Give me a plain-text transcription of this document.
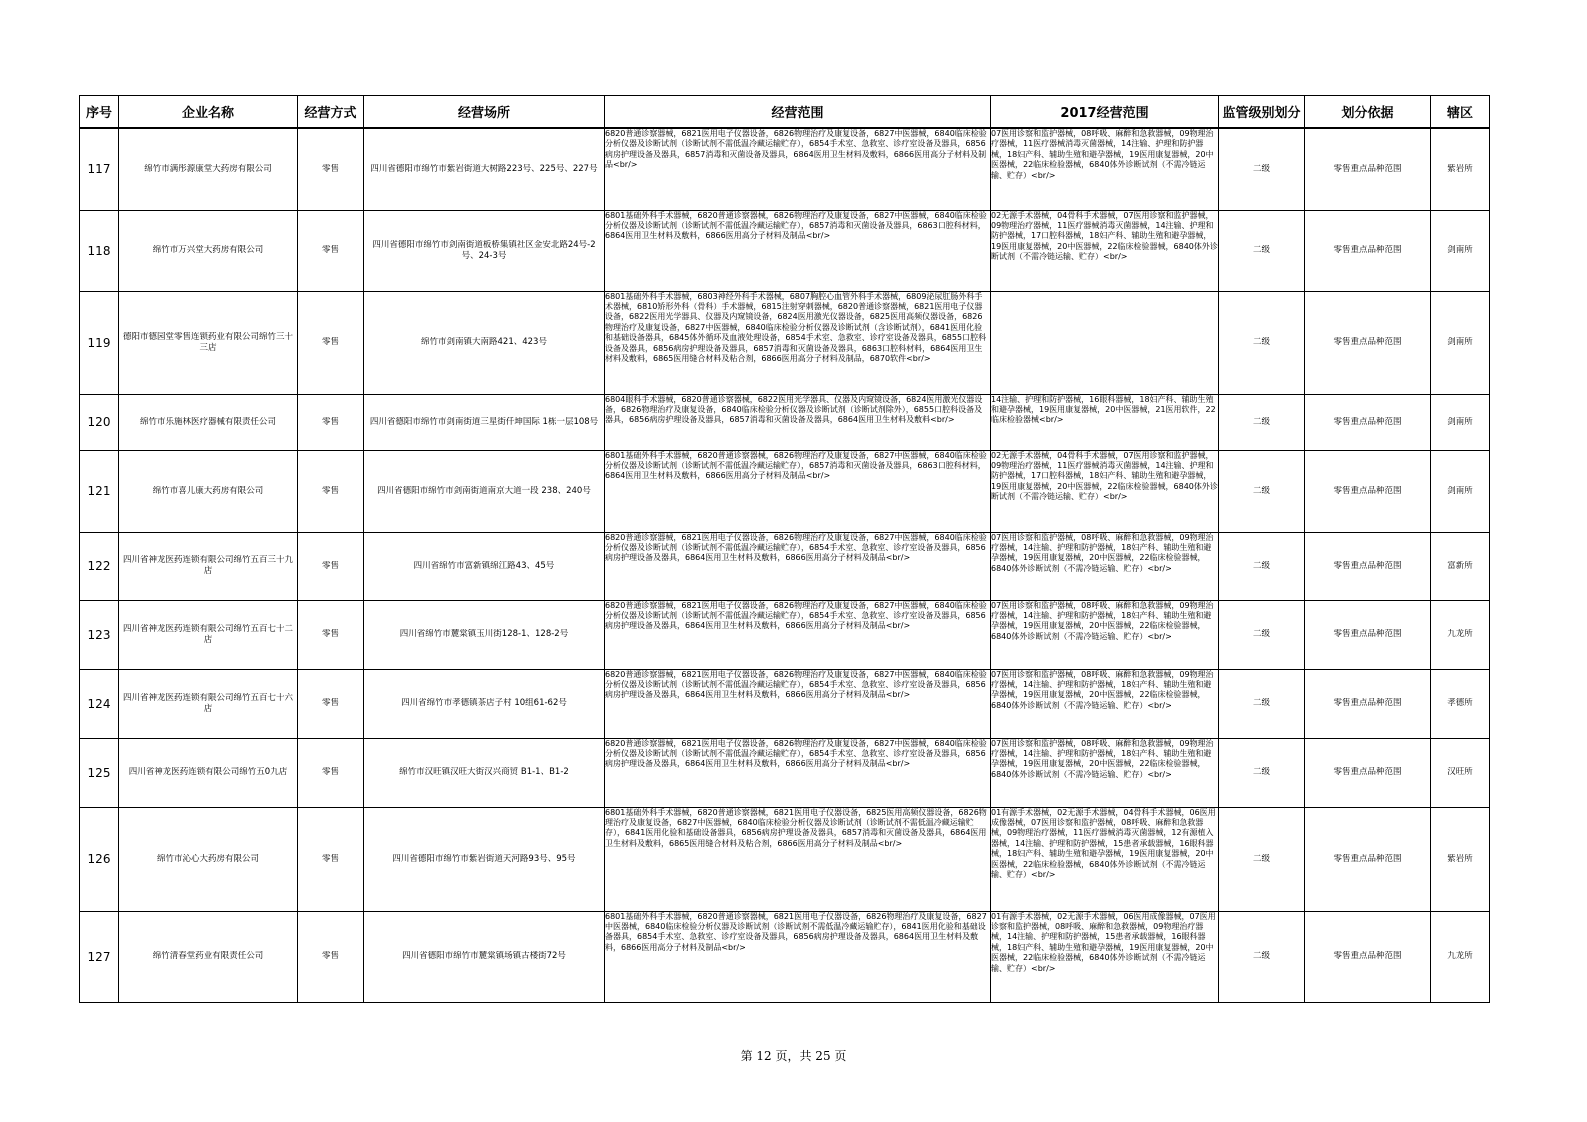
序号	企业名称	经营方式	经营场所	经营范围	2017经营范围	监管级别划分	划分依据	辖区

117	绵竹市满彤源康堂大药房有限公司	零售	四川省德阳市绵竹市紫岩街道大树路223号、225号、227号	6820普通诊察器械，6821医用电子仪器设备，6826物理治疗及康复设备，6827中医器械，6840临床检验分析仪器及诊断试剂（诊断试剂不需低温冷藏运输贮存），6854手术室、急救室、诊疗室设备及器具，6856病房护理设备及器具，6857消毒和灭菌设备及器具，6864医用卫生材料及敷料，6866医用高分子材料及制品<br/>	07医用诊察和监护器械，08呼吸、麻醉和急救器械，09物理治疗器械，11医疗器械消毒灭菌器械，14注输、护理和防护器械，18妇产科、辅助生殖和避孕器械，19医用康复器械，20中医器械，22临床检验器械，6840体外诊断试剂（不需冷链运输、贮存）<br/>	二级	零售重点品种范围	紫岩所

118	绵竹市万兴堂大药房有限公司	零售	四川省德阳市绵竹市剑南街道板桥集镇社区金安北路24号-2号、24-3号	6801基础外科手术器械，6820普通诊察器械，6826物理治疗及康复设备，6827中医器械，6840临床检验分析仪器及诊断试剂（诊断试剂不需低温冷藏运输贮存），6857消毒和灭菌设备及器具，6863口腔科材料，6864医用卫生材料及敷料，6866医用高分子材料及制品<br/>	02无源手术器械，04骨科手术器械，07医用诊察和监护器械，09物理治疗器械，11医疗器械消毒灭菌器械，14注输、护理和防护器械，17口腔科器械，18妇产科、辅助生殖和避孕器械，19医用康复器械，20中医器械，22临床检验器械，6840体外诊断试剂（不需冷链运输、贮存）<br/>	二级	零售重点品种范围	剑南所

119	德阳市德园堂零售连锁药业有限公司绵竹三十三店	零售	绵竹市剑南镇大南路421、423号	6801基础外科手术器械，6803神经外科手术器械，6807胸腔心血管外科手术器械，6809泌尿肛肠外科手术器械，6810矫形外科（骨科）手术器械，6815注射穿刺器械，6820普通诊察器械，6821医用电子仪器设备，6822医用光学器具、仪器及内窥镜设备，6824医用激光仪器设备，6825医用高频仪器设备，6826物理治疗及康复设备，6827中医器械，6840临床检验分析仪器及诊断试剂（含诊断试剂），6841医用化验和基础设备器具，6845体外循环及血液处理设备，6854手术室、急救室、诊疗室设备及器具，6855口腔科设备及器具，6856病房护理设备及器具，6857消毒和灭菌设备及器具，6863口腔科材料，6864医用卫生材料及敷料，6865医用缝合材料及粘合剂，6866医用高分子材料及制品，6870软件<br/>		二级	零售重点品种范围	剑南所

120	绵竹市乐施林医疗器械有限责任公司	零售	四川省德阳市绵竹市剑南街道三星街仟坤国际 1栋一层108号	6804眼科手术器械，6820普通诊察器械，6822医用光学器具、仪器及内窥镜设备，6824医用激光仪器设备，6826物理治疗及康复设备，6840临床检验分析仪器及诊断试剂（诊断试剂除外），6855口腔科设备及器具，6856病房护理设备及器具，6857消毒和灭菌设备及器具，6864医用卫生材料及敷料<br/>	14注输、护理和防护器械，16眼科器械，18妇产科、辅助生殖和避孕器械，19医用康复器械，20中医器械，21医用软件，22临床检验器械<br/>	二级	零售重点品种范围	剑南所

121	绵竹市喜儿康大药房有限公司	零售	四川省德阳市绵竹市剑南街道南京大道一段 238、240号	6801基础外科手术器械，6820普通诊察器械，6826物理治疗及康复设备，6827中医器械，6840临床检验分析仪器及诊断试剂（诊断试剂不需低温冷藏运输贮存），6857消毒和灭菌设备及器具，6863口腔科材料，6864医用卫生材料及敷料，6866医用高分子材料及制品<br/>	02无源手术器械，04骨科手术器械，07医用诊察和监护器械，09物理治疗器械，11医疗器械消毒灭菌器械，14注输、护理和防护器械，17口腔科器械，18妇产科、辅助生殖和避孕器械，19医用康复器械，20中医器械，22临床检验器械，6840体外诊断试剂（不需冷链运输、贮存）<br/>	二级	零售重点品种范围	剑南所

122	四川省神龙医药连锁有限公司绵竹五百三十九店	零售	四川省绵竹市富新镇绵江路43、45号	6820普通诊察器械，6821医用电子仪器设备，6826物理治疗及康复设备，6827中医器械，6840临床检验分析仪器及诊断试剂（诊断试剂不需低温冷藏运输贮存），6854手术室、急救室、诊疗室设备及器具，6856病房护理设备及器具，6864医用卫生材料及敷料，6866医用高分子材料及制品<br/>	07医用诊察和监护器械，08呼吸、麻醉和急救器械，09物理治疗器械，14注输、护理和防护器械，18妇产科、辅助生殖和避孕器械，19医用康复器械，20中医器械，22临床检验器械，6840体外诊断试剂（不需冷链运输、贮存）<br/>	二级	零售重点品种范围	富新所

123	四川省神龙医药连锁有限公司绵竹五百七十二店	零售	四川省绵竹市麓棠镇玉川街128-1、128-2号	6820普通诊察器械，6821医用电子仪器设备，6826物理治疗及康复设备，6827中医器械，6840临床检验分析仪器及诊断试剂（诊断试剂不需低温冷藏运输贮存），6854手术室、急救室、诊疗室设备及器具，6856病房护理设备及器具，6864医用卫生材料及敷料，6866医用高分子材料及制品<br/>	07医用诊察和监护器械，08呼吸、麻醉和急救器械，09物理治疗器械，14注输、护理和防护器械，18妇产科、辅助生殖和避孕器械，19医用康复器械，20中医器械，22临床检验器械，6840体外诊断试剂（不需冷链运输、贮存）<br/>	二级	零售重点品种范围	九龙所

124	四川省神龙医药连锁有限公司绵竹五百七十六店	零售	四川省绵竹市孝德镇茶店子村 10组61-62号	6820普通诊察器械，6821医用电子仪器设备，6826物理治疗及康复设备，6827中医器械，6840临床检验分析仪器及诊断试剂（诊断试剂不需低温冷藏运输贮存），6854手术室、急救室、诊疗室设备及器具，6856病房护理设备及器具，6864医用卫生材料及敷料，6866医用高分子材料及制品<br/>	07医用诊察和监护器械，08呼吸、麻醉和急救器械，09物理治疗器械，14注输、护理和防护器械，18妇产科、辅助生殖和避孕器械，19医用康复器械，20中医器械，22临床检验器械，6840体外诊断试剂（不需冷链运输、贮存）<br/>	二级	零售重点品种范围	孝德所

125	四川省神龙医药连锁有限公司绵竹五0九店	零售	绵竹市汉旺镇汉旺大街汉兴商贸 B1-1、B1-2	6820普通诊察器械，6821医用电子仪器设备，6826物理治疗及康复设备，6827中医器械，6840临床检验分析仪器及诊断试剂（诊断试剂不需低温冷藏运输贮存），6854手术室、急救室、诊疗室设备及器具，6856病房护理设备及器具，6864医用卫生材料及敷料，6866医用高分子材料及制品<br/>	07医用诊察和监护器械，08呼吸、麻醉和急救器械，09物理治疗器械，14注输、护理和防护器械，18妇产科、辅助生殖和避孕器械，19医用康复器械，20中医器械，22临床检验器械，6840体外诊断试剂（不需冷链运输、贮存）<br/>	二级	零售重点品种范围	汉旺所

126	绵竹市沁心大药房有限公司	零售	四川省德阳市绵竹市紫岩街道天河路93号、95号	6801基础外科手术器械，6820普通诊察器械，6821医用电子仪器设备，6825医用高频仪器设备，6826物理治疗及康复设备，6827中医器械，6840临床检验分析仪器及诊断试剂（诊断试剂不需低温冷藏运输贮存），6841医用化验和基础设备器具，6856病房护理设备及器具，6857消毒和灭菌设备及器具，6864医用卫生材料及敷料，6865医用缝合材料及粘合剂，6866医用高分子材料及制品<br/>	01有源手术器械，02无源手术器械，04骨科手术器械，06医用成像器械，07医用诊察和监护器械，08呼吸、麻醉和急救器械，09物理治疗器械，11医疗器械消毒灭菌器械，12有源植入器械，14注输、护理和防护器械，15患者承载器械，16眼科器械，18妇产科、辅助生殖和避孕器械，19医用康复器械，20中医器械，22临床检验器械，6840体外诊断试剂（不需冷链运输、贮存）<br/>	二级	零售重点品种范围	紫岩所

127	绵竹清春堂药业有限责任公司	零售	四川省德阳市绵竹市麓棠镇场镇古楼街72号	6801基础外科手术器械，6820普通诊察器械，6821医用电子仪器设备，6826物理治疗及康复设备，6827中医器械，6840临床检验分析仪器及诊断试剂（诊断试剂不需低温冷藏运输贮存），6841医用化验和基础设备器具，6854手术室、急救室、诊疗室设备及器具，6856病房护理设备及器具，6864医用卫生材料及敷料，6866医用高分子材料及制品<br/>	01有源手术器械，02无源手术器械，06医用成像器械，07医用诊察和监护器械，08呼吸、麻醉和急救器械，09物理治疗器械，14注输、护理和防护器械，15患者承载器械，16眼科器械，18妇产科、辅助生殖和避孕器械，19医用康复器械，20中医器械，22临床检验器械，6840体外诊断试剂（不需冷链运输、贮存）<br/>	二级	零售重点品种范围	九龙所
第 12 页，共 25 页
